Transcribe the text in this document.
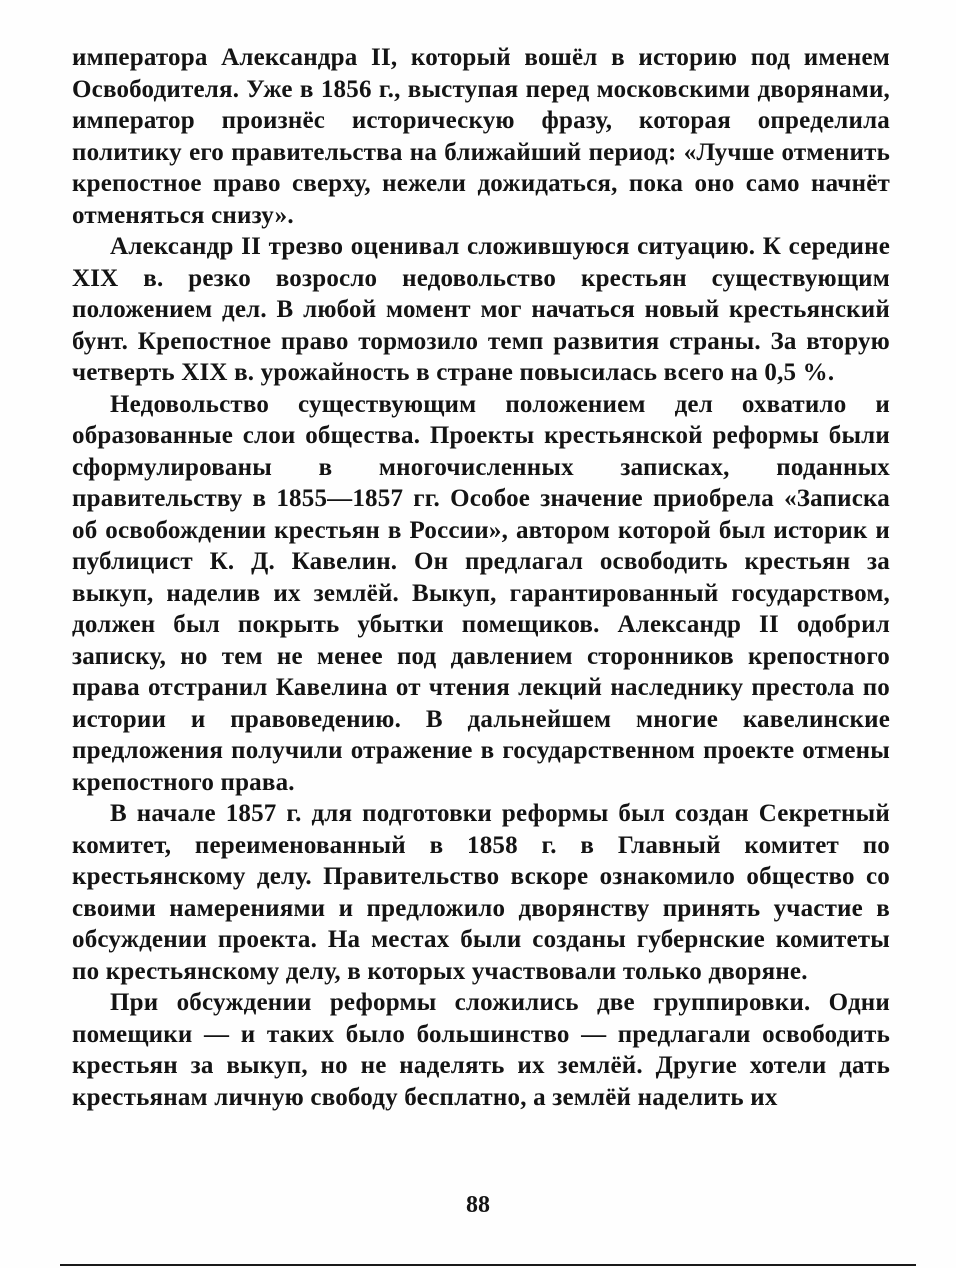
императора Александра II, который вошёл в историю под именем Освободителя. Уже в 1856 г., выступая перед московскими дворянами, император произнёс историческую фразу, которая определила политику его правительства на ближайший период: «Лучше отменить крепостное право сверху, нежели дожидаться, пока оно само начнёт отменяться снизу».

Александр II трезво оценивал сложившуюся ситуацию. К середине XIX в. резко возросло недовольство крестьян существующим положением дел. В любой момент мог начаться новый крестьянский бунт. Крепостное право тормозило темп развития страны. За вторую четверть XIX в. урожайность в стране повысилась всего на 0,5 %.

Недовольство существующим положением дел охватило и образованные слои общества. Проекты крестьянской реформы были сформулированы в многочисленных записках, поданных правительству в 1855—1857 гг. Особое значение приобрела «Записка об освобождении крестьян в России», автором которой был историк и публицист К. Д. Кавелин. Он предлагал освободить крестьян за выкуп, наделив их землёй. Выкуп, гарантированный государством, должен был покрыть убытки помещиков. Александр II одобрил записку, но тем не менее под давлением сторонников крепостного права отстранил Кавелина от чтения лекций наследнику престола по истории и правоведению. В дальнейшем многие кавелинские предложения получили отражение в государственном проекте отмены крепостного права.

В начале 1857 г. для подготовки реформы был создан Секретный комитет, переименованный в 1858 г. в Главный комитет по крестьянскому делу. Правительство вскоре ознакомило общество со своими намерениями и предложило дворянству принять участие в обсуждении проекта. На местах были созданы губернские комитеты по крестьянскому делу, в которых участвовали только дворяне.

При обсуждении реформы сложились две группировки. Одни помещики — и таких было большинство — предлагали освободить крестьян за выкуп, но не наделять их землёй. Другие хотели дать крестьянам личную свободу бесплатно, а землёй наделить их

88
